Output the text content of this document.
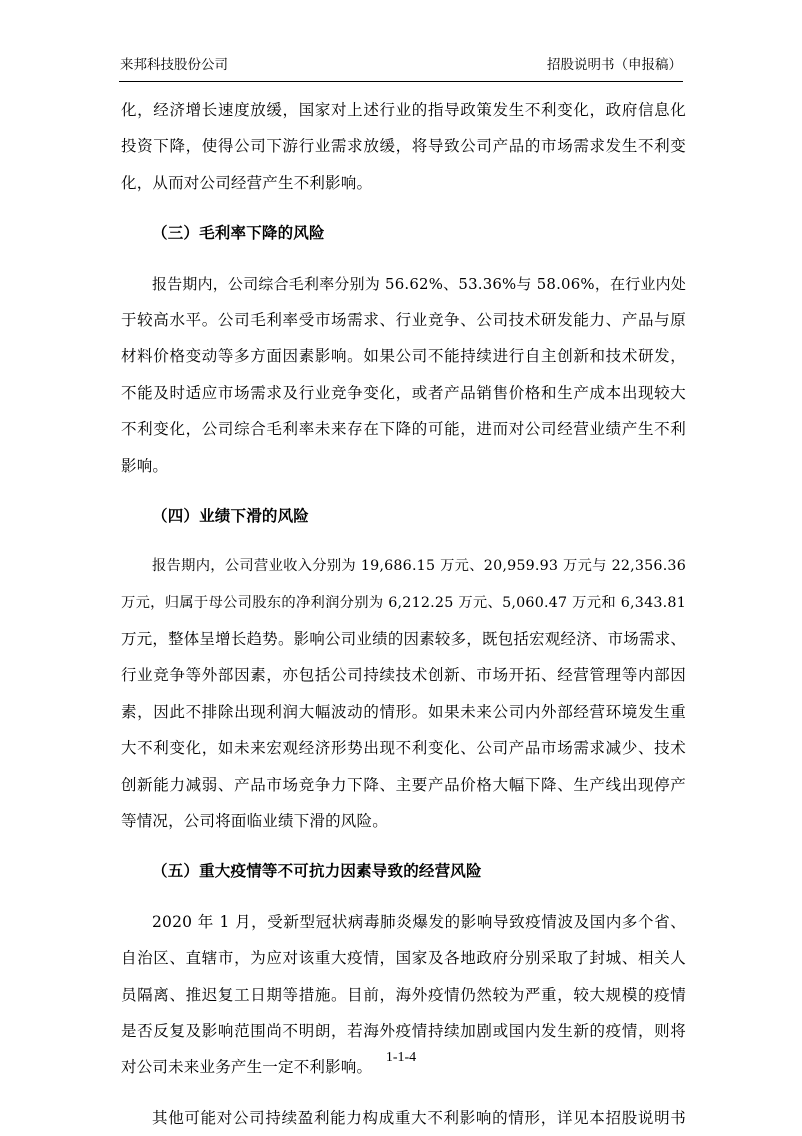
来邦科技股份公司	招股说明书（申报稿）
化，经济增长速度放缓，国家对上述行业的指导政策发生不利变化，政府信息化
投资下降，使得公司下游行业需求放缓，将导致公司产品的市场需求发生不利变
化，从而对公司经营产生不利影响。
（三）毛利率下降的风险
报告期内，公司综合毛利率分别为 56.62%、53.36%与 58.06%，在行业内处
于较高水平。公司毛利率受市场需求、行业竞争、公司技术研发能力、产品与原
材料价格变动等多方面因素影响。如果公司不能持续进行自主创新和技术研发，
不能及时适应市场需求及行业竞争变化，或者产品销售价格和生产成本出现较大
不利变化，公司综合毛利率未来存在下降的可能，进而对公司经营业绩产生不利
影响。
（四）业绩下滑的风险
报告期内，公司营业收入分别为 19,686.15 万元、20,959.93 万元与 22,356.36
万元，归属于母公司股东的净利润分别为 6,212.25 万元、5,060.47 万元和 6,343.81
万元，整体呈增长趋势。影响公司业绩的因素较多，既包括宏观经济、市场需求、
行业竞争等外部因素，亦包括公司持续技术创新、市场开拓、经营管理等内部因
素，因此不排除出现利润大幅波动的情形。如果未来公司内外部经营环境发生重
大不利变化，如未来宏观经济形势出现不利变化、公司产品市场需求减少、技术
创新能力减弱、产品市场竞争力下降、主要产品价格大幅下降、生产线出现停产
等情况，公司将面临业绩下滑的风险。
（五）重大疫情等不可抗力因素导致的经营风险
2020 年 1 月，受新型冠状病毒肺炎爆发的影响导致疫情波及国内多个省、
自治区、直辖市，为应对该重大疫情，国家及各地政府分别采取了封城、相关人
员隔离、推迟复工日期等措施。目前，海外疫情仍然较为严重，较大规模的疫情
是否反复及影响范围尚不明朗，若海外疫情持续加剧或国内发生新的疫情，则将
对公司未来业务产生一定不利影响。
其他可能对公司持续盈利能力构成重大不利影响的情形，详见本招股说明书
1-1-4
